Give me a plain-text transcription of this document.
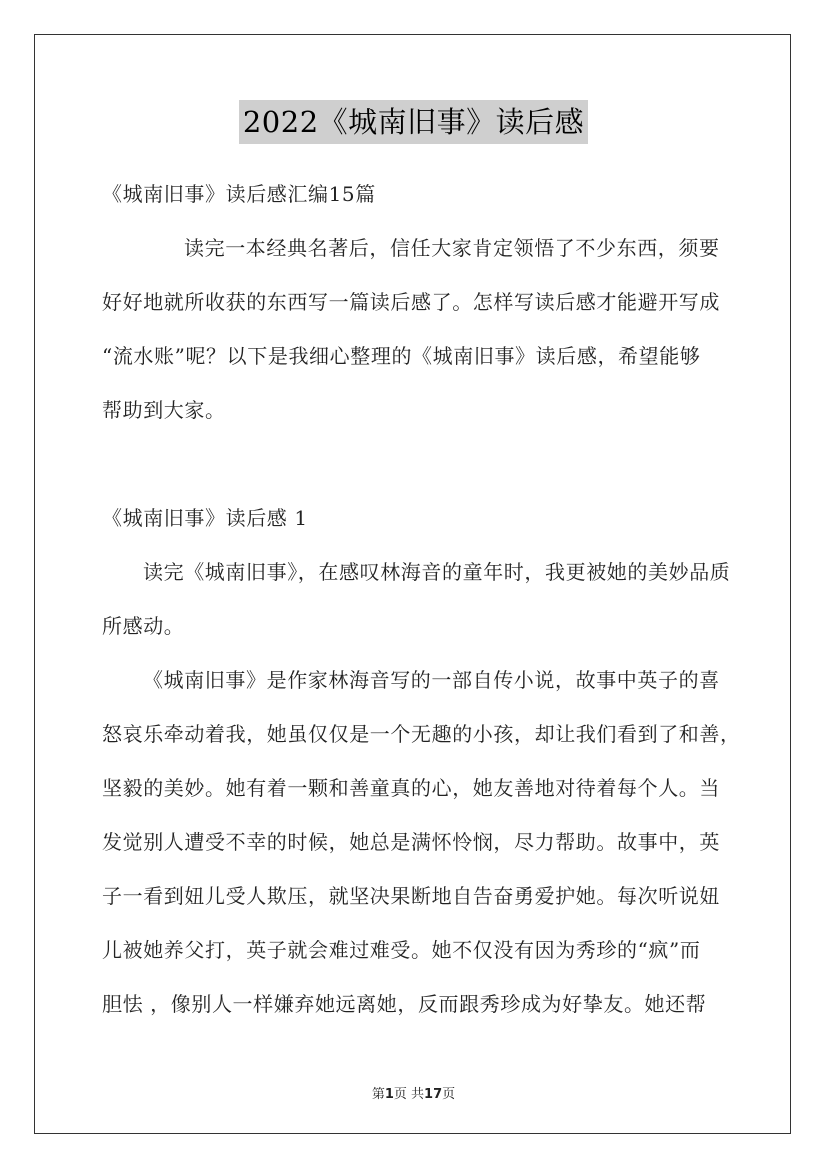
2022《城南旧事》读后感
《城南旧事》读后感汇编15篇
读完一本经典名著后，信任大家肯定领悟了不少东西，须要
好好地就所收获的东西写一篇读后感了。怎样写读后感才能避开写成
“流水账”呢？以下是我细心整理的《城南旧事》读后感，希望能够
帮助到大家。
《城南旧事》读后感 1
读完《城南旧事》，在感叹林海音的童年时，我更被她的美妙品质
所感动。
《城南旧事》是作家林海音写的一部自传小说，故事中英子的喜
怒哀乐牵动着我，她虽仅仅是一个无趣的小孩，却让我们看到了和善，
坚毅的美妙。她有着一颗和善童真的心，她友善地对待着每个人。当
发觉别人遭受不幸的时候，她总是满怀怜悯，尽力帮助。故事中，英
子一看到妞儿受人欺压，就坚决果断地自告奋勇爱护她。每次听说妞
儿被她养父打，英子就会难过难受。她不仅没有因为秀珍的“疯”而
胆怯 ，像别人一样嫌弃她远离她，反而跟秀珍成为好挚友。她还帮
第1页 共17页
